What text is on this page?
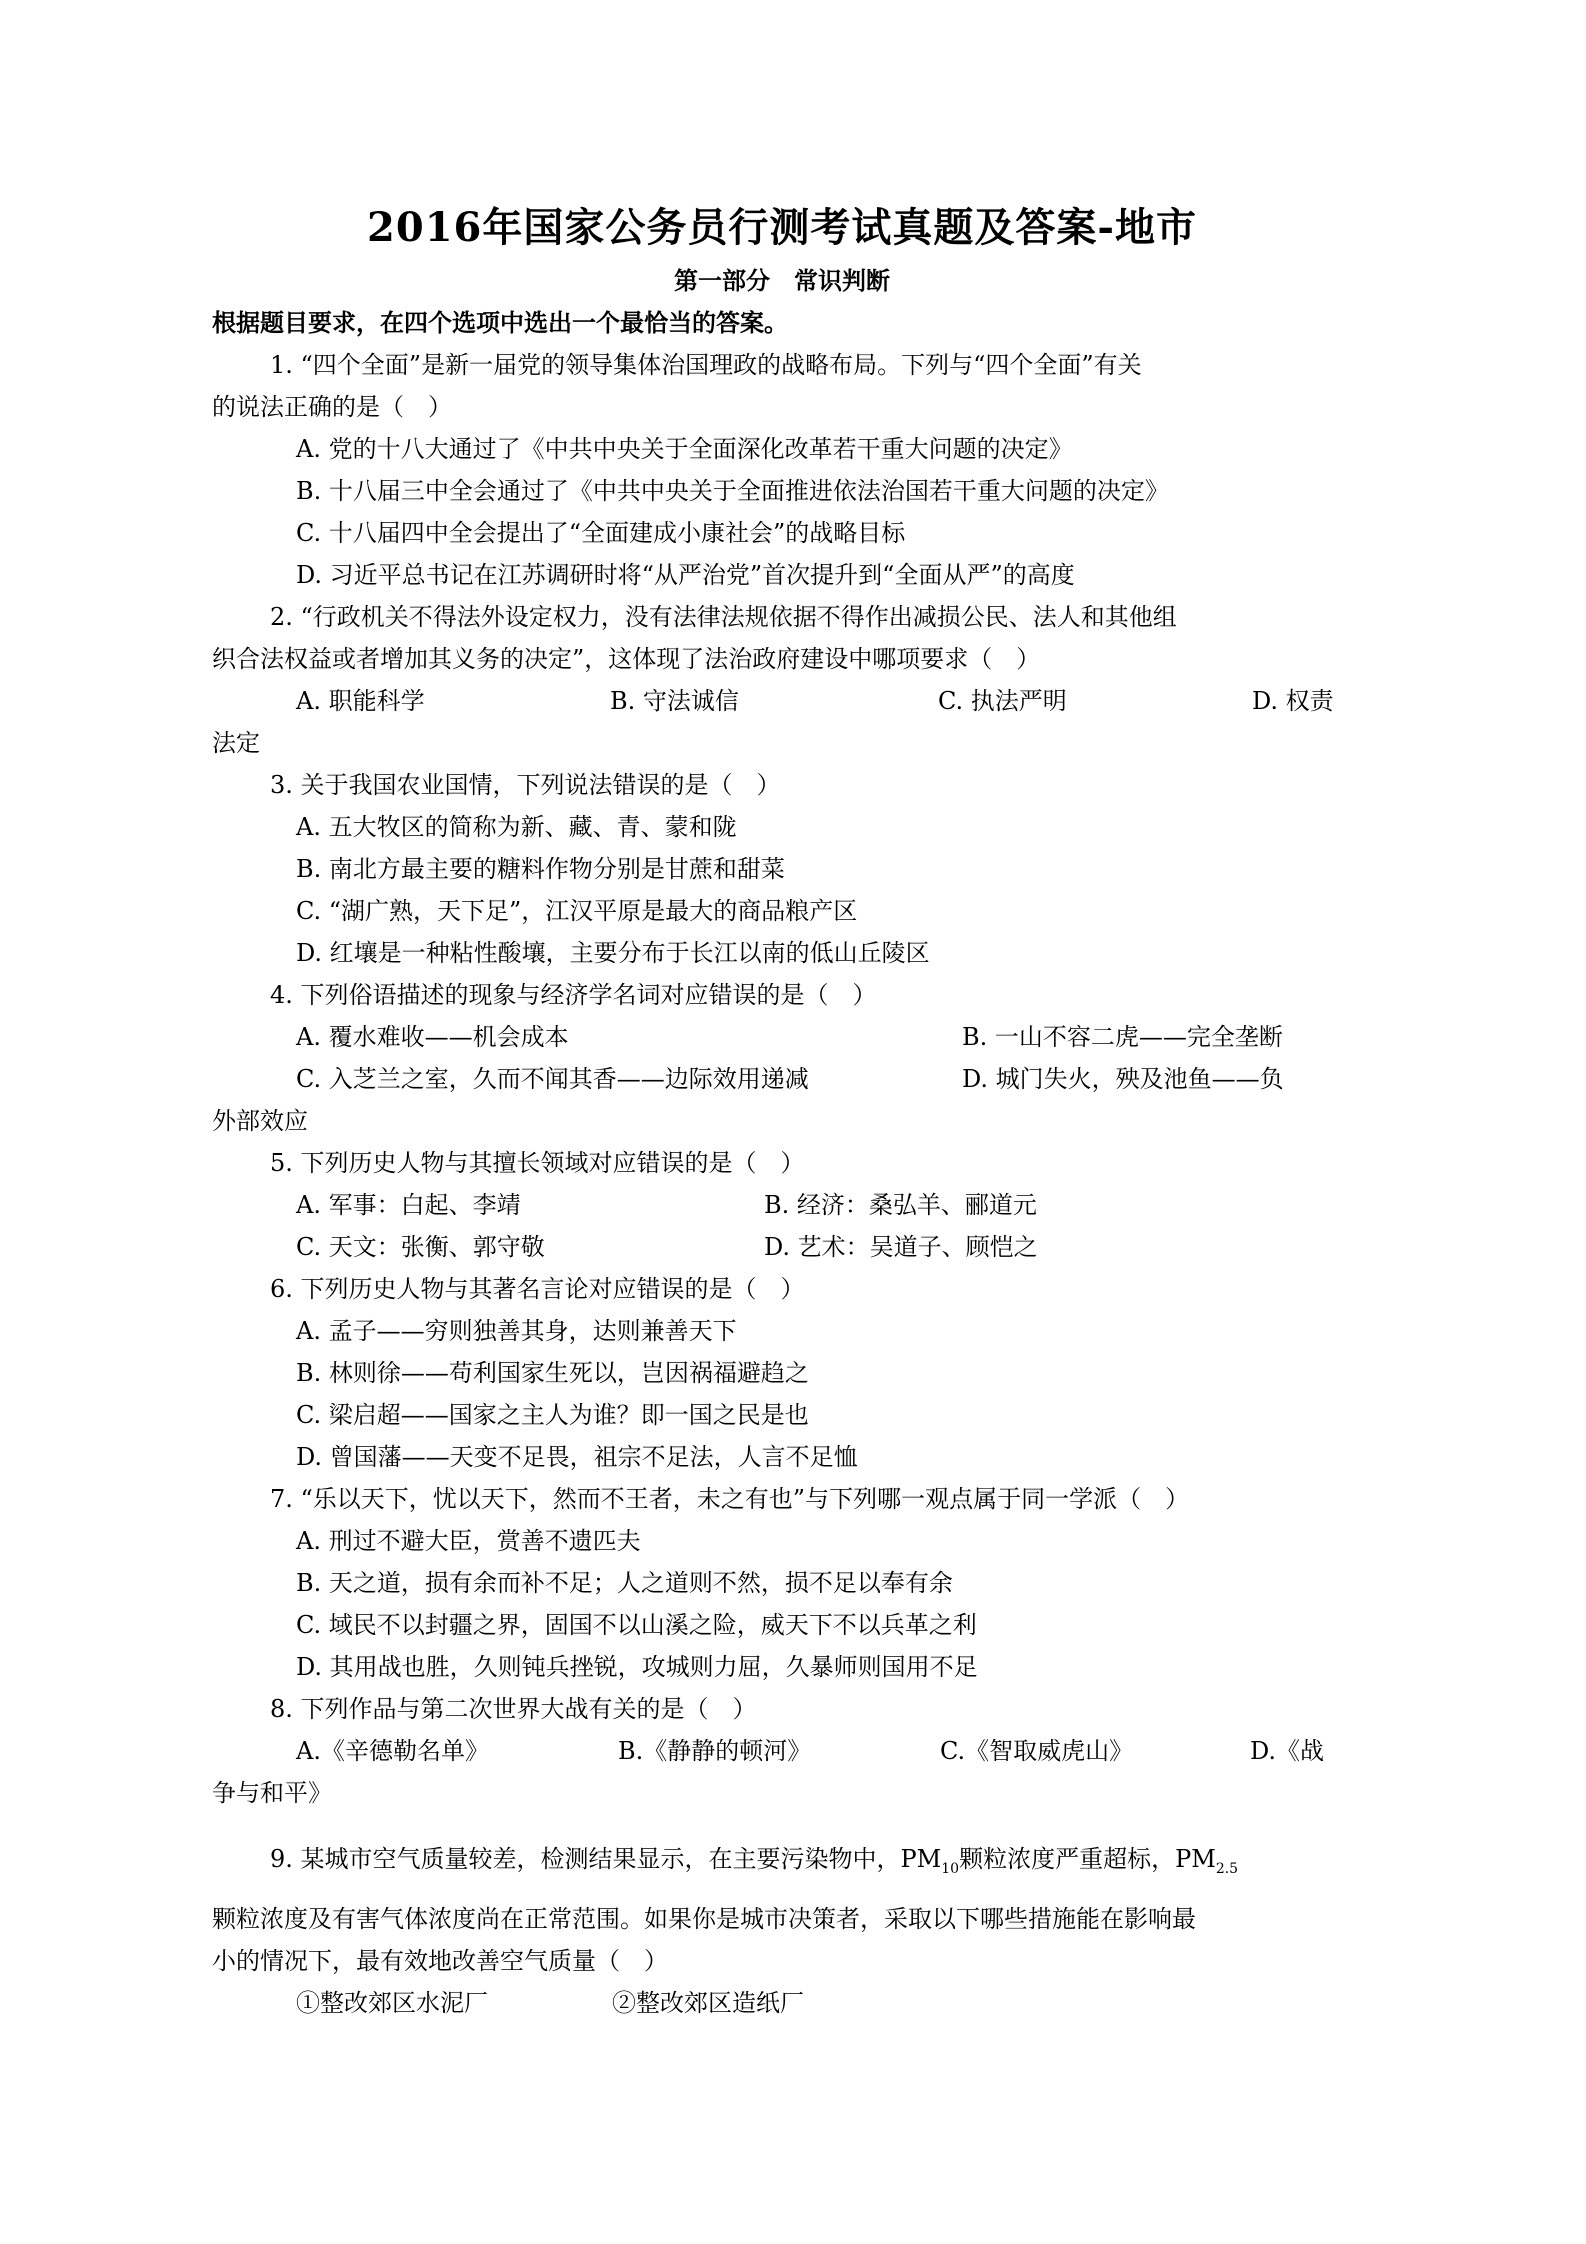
2016年国家公务员行测考试真题及答案-地市
第一部分　常识判断
根据题目要求，在四个选项中选出一个最恰当的答案。
1. “四个全面”是新一届党的领导集体治国理政的战略布局。下列与“四个全面”有关
的说法正确的是（　）
A. 党的十八大通过了《中共中央关于全面深化改革若干重大问题的决定》
B. 十八届三中全会通过了《中共中央关于全面推进依法治国若干重大问题的决定》
C. 十八届四中全会提出了“全面建成小康社会”的战略目标
D. 习近平总书记在江苏调研时将“从严治党”首次提升到“全面从严”的高度
2. “行政机关不得法外设定权力，没有法律法规依据不得作出减损公民、法人和其他组
织合法权益或者增加其义务的决定”，这体现了法治政府建设中哪项要求（　）
A. 职能科学	B. 守法诚信	C. 执法严明	D. 权责
法定
3. 关于我国农业国情，下列说法错误的是（　）
A. 五大牧区的简称为新、藏、青、蒙和陇
B. 南北方最主要的糖料作物分别是甘蔗和甜菜
C. “湖广熟，天下足”，江汉平原是最大的商品粮产区
D. 红壤是一种粘性酸壤，主要分布于长江以南的低山丘陵区
4. 下列俗语描述的现象与经济学名词对应错误的是（　）
A. 覆水难收——机会成本	B. 一山不容二虎——完全垄断
C. 入芝兰之室，久而不闻其香——边际效用递减	D. 城门失火，殃及池鱼——负
外部效应
5. 下列历史人物与其擅长领域对应错误的是（　）
A. 军事：白起、李靖	B. 经济：桑弘羊、郦道元
C. 天文：张衡、郭守敬	D. 艺术：吴道子、顾恺之
6. 下列历史人物与其著名言论对应错误的是（　）
A. 孟子——穷则独善其身，达则兼善天下
B. 林则徐——苟利国家生死以，岂因祸福避趋之
C. 梁启超——国家之主人为谁？即一国之民是也
D. 曾国藩——天变不足畏，祖宗不足法，人言不足恤
7. “乐以天下，忧以天下，然而不王者，未之有也”与下列哪一观点属于同一学派（　）
A. 刑过不避大臣，赏善不遗匹夫
B. 天之道，损有余而补不足；人之道则不然，损不足以奉有余
C. 域民不以封疆之界，固国不以山溪之险，威天下不以兵革之利
D. 其用战也胜，久则钝兵挫锐，攻城则力屈，久暴师则国用不足
8. 下列作品与第二次世界大战有关的是（　）
A.《辛德勒名单》	B.《静静的顿河》	C.《智取威虎山》	D.《战
争与和平》
9. 某城市空气质量较差，检测结果显示，在主要污染物中，$PM_{10}$颗粒浓度严重超标，$PM_{2.5}$
颗粒浓度及有害气体浓度尚在正常范围。如果你是城市决策者，采取以下哪些措施能在影响最
小的情况下，最有效地改善空气质量（　）
①整改郊区水泥厂	②整改郊区造纸厂
